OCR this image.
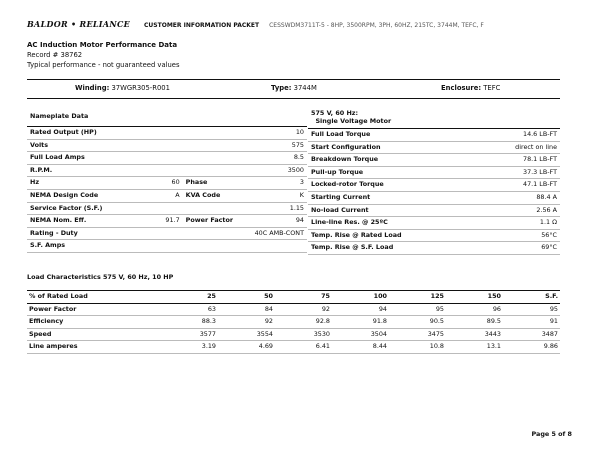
BALDOR • RELIANCE CUSTOMER INFORMATION PACKET CESSWDM3711T-5 - 8HP, 3500RPM, 3PH, 60HZ, 215TC, 3744M, TEFC, F
AC Induction Motor Performance Data
Record # 38762
Typical performance - not guaranteed values
Winding: 37WGR305-R001	Type: 3744M	Enclosure: TEFC
Nameplate Data			
Rated Output (HP)			10
Volts			575
Full Load Amps			8.5
R.P.M.			3500
Hz	60	Phase	3
NEMA Design Code	A	KVA Code	K
Service Factor (S.F.)			1.15
NEMA Nom. Eff.	91.7	Power Factor	94
Rating - Duty			40C AMB-CONT
S.F. Amps			
575 V, 60 Hz:
Single Voltage Motor	
Full Load Torque	14.6 LB-FT
Start Configuration	direct on line
Breakdown Torque	78.1 LB-FT
Pull-up Torque	37.3 LB-FT
Locked-rotor Torque	47.1 LB-FT
Starting Current	88.4 A
No-load Current	2.56 A
Line-line Res. @ 25ºC	1.1 Ω
Temp. Rise @ Rated Load	56°C
Temp. Rise @ S.F. Load	69°C
Load Characteristics 575 V, 60 Hz, 10 HP
% of Rated Load	25	50	75	100	125	150	S.F.
Power Factor	63	84	92	94	95	96	95
Efficiency	88.3	92	92.8	91.8	90.5	89.5	91
Speed	3577	3554	3530	3504	3475	3443	3487
Line amperes	3.19	4.69	6.41	8.44	10.8	13.1	9.86
Page 5 of 8
